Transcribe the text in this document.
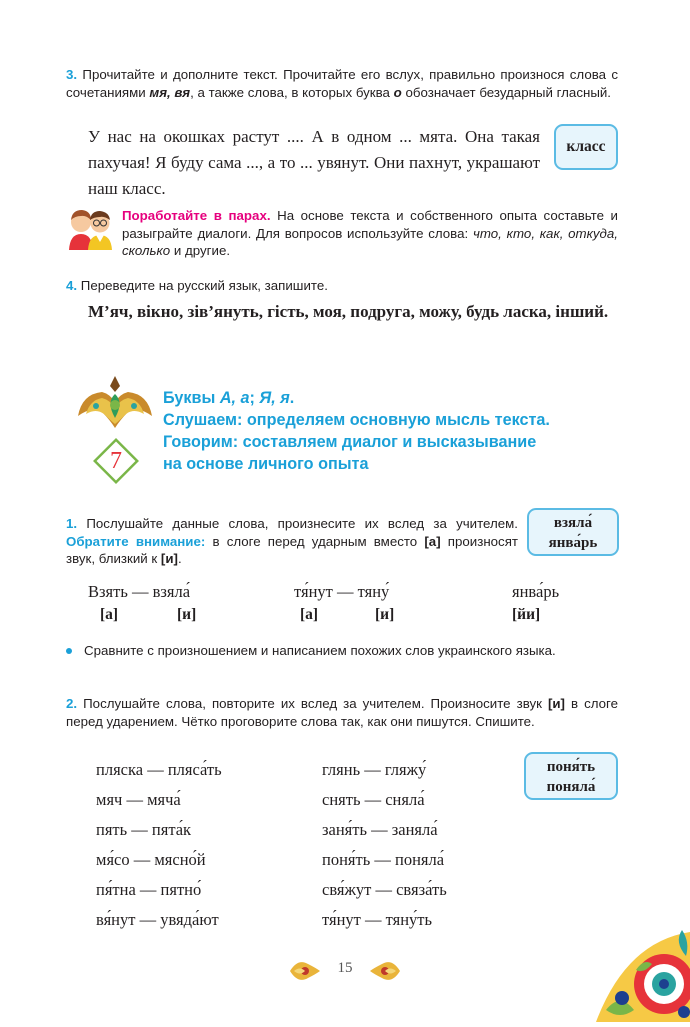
3. Прочитайте и дополните текст. Прочитайте его вслух, правильно произнося слова с сочетаниями мя, вя, а также слова, в которых буква о обозначает безударный гласный.
У нас на окошках растут .... А в одном ... мята. Она такая пахучая! Я буду сама ..., а то ... увянут. Они пахнут, украшают наш класс.
класс
Поработайте в парах. На основе текста и собственного опыта составьте и разыграйте диалоги. Для вопросов используйте слова: что, кто, как, откуда, сколько и другие.
4. Переведите на русский язык, запишите.
М’яч, вікно, зів’януть, гість, моя, подруга, можу, будь ласка, інший.
7
Буквы А, а; Я, я.
Слушаем: определяем основную мысль текста.
Говорим: составляем диалог и высказывание
на основе личного опыта
1. Послушайте данные слова, произнесите их вслед за учителем. Обратите внимание: в слоге перед ударным вместо [а] произносят звук, близкий к [и].
взяла́
янва́рь
Взять — взяла́
[а]	[и]
тя́нут — тяну́
[а]	[и]
янва́рь
[йи]
Сравните с произношением и написанием похожих слов украинского языка.
2. Послушайте слова, повторите их вслед за учителем. Произносите звук [и] в слоге перед ударением. Чётко проговорите слова так, как они пишутся. Спишите.
пляска — пляса́ть
мяч — мяча́
пять — пята́к
мя́со — мясно́й
пя́тна — пятно́
вя́нут — увяда́ют
глянь — гляжу́
снять — сняла́
заня́ть — заняла́
поня́ть — поняла́
свя́жут — связа́ть
тя́нут — тяну́ть
поня́ть
поняла́
15
